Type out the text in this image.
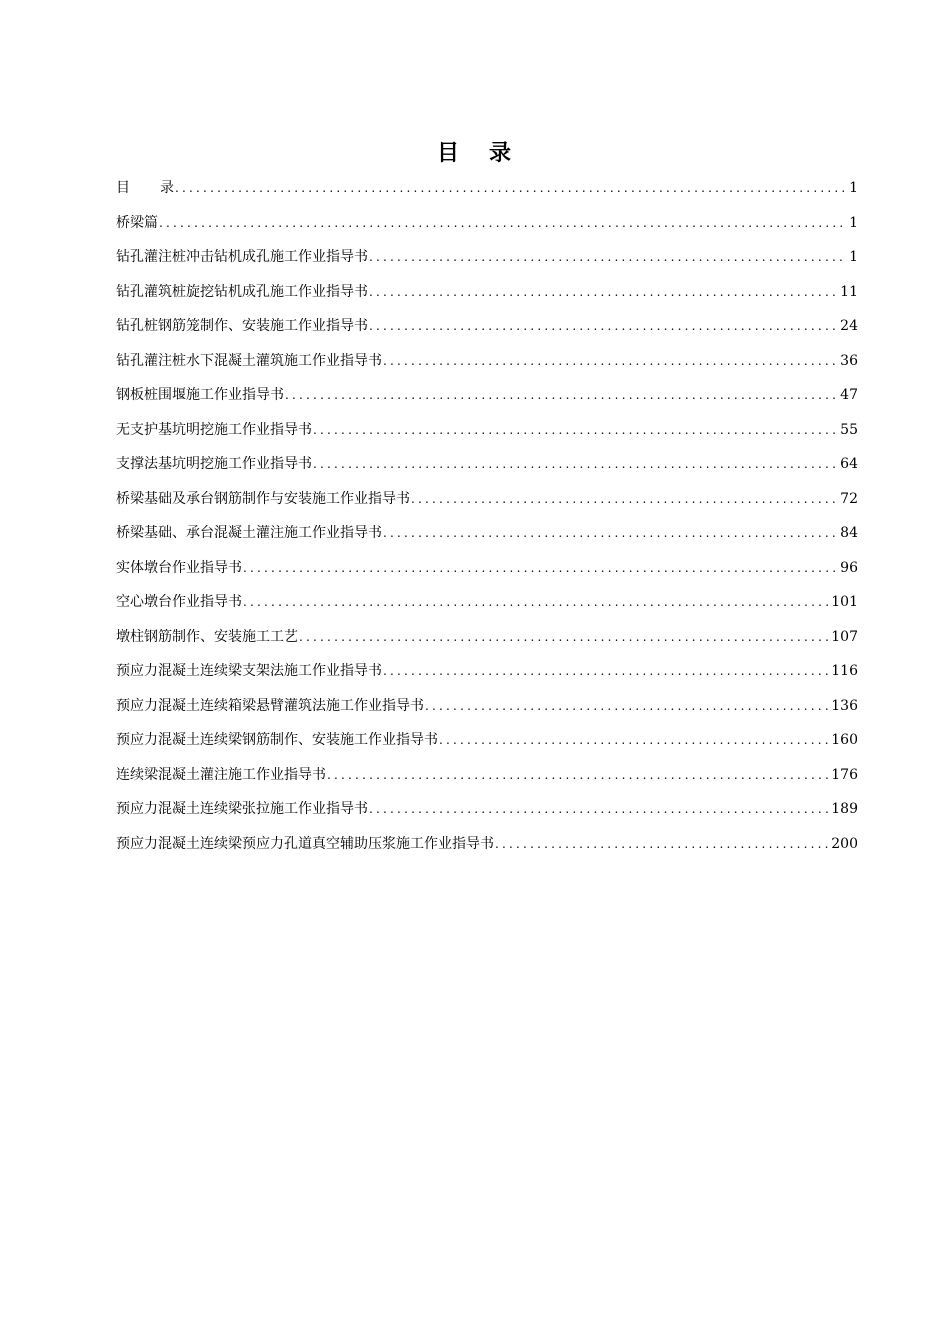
目 录
目 录 .....	1
桥梁篇 .....	1
钻孔灌注桩冲击钻机成孔施工作业指导书 .....	1
钻孔灌筑桩旋挖钻机成孔施工作业指导书 .....	11
钻孔桩钢筋笼制作、安装施工作业指导书 .....	24
钻孔灌注桩水下混凝土灌筑施工作业指导书 .....	36
钢板桩围堰施工作业指导书 .....	47
无支护基坑明挖施工作业指导书 .....	55
支撑法基坑明挖施工作业指导书 .....	64
桥梁基础及承台钢筋制作与安装施工作业指导书 .....	72
桥梁基础、承台混凝土灌注施工作业指导书 .....	84
实体墩台作业指导书 .....	96
空心墩台作业指导书 .....	101
墩柱钢筋制作、安装施工工艺 .....	107
预应力混凝土连续梁支架法施工作业指导书 .....	116
预应力混凝土连续箱梁悬臂灌筑法施工作业指导书 .....	136
预应力混凝土连续梁钢筋制作、安装施工作业指导书 .....	160
连续梁混凝土灌注施工作业指导书 .....	176
预应力混凝土连续梁张拉施工作业指导书 .....	189
预应力混凝土连续梁预应力孔道真空辅助压浆施工作业指导书 .....	200
